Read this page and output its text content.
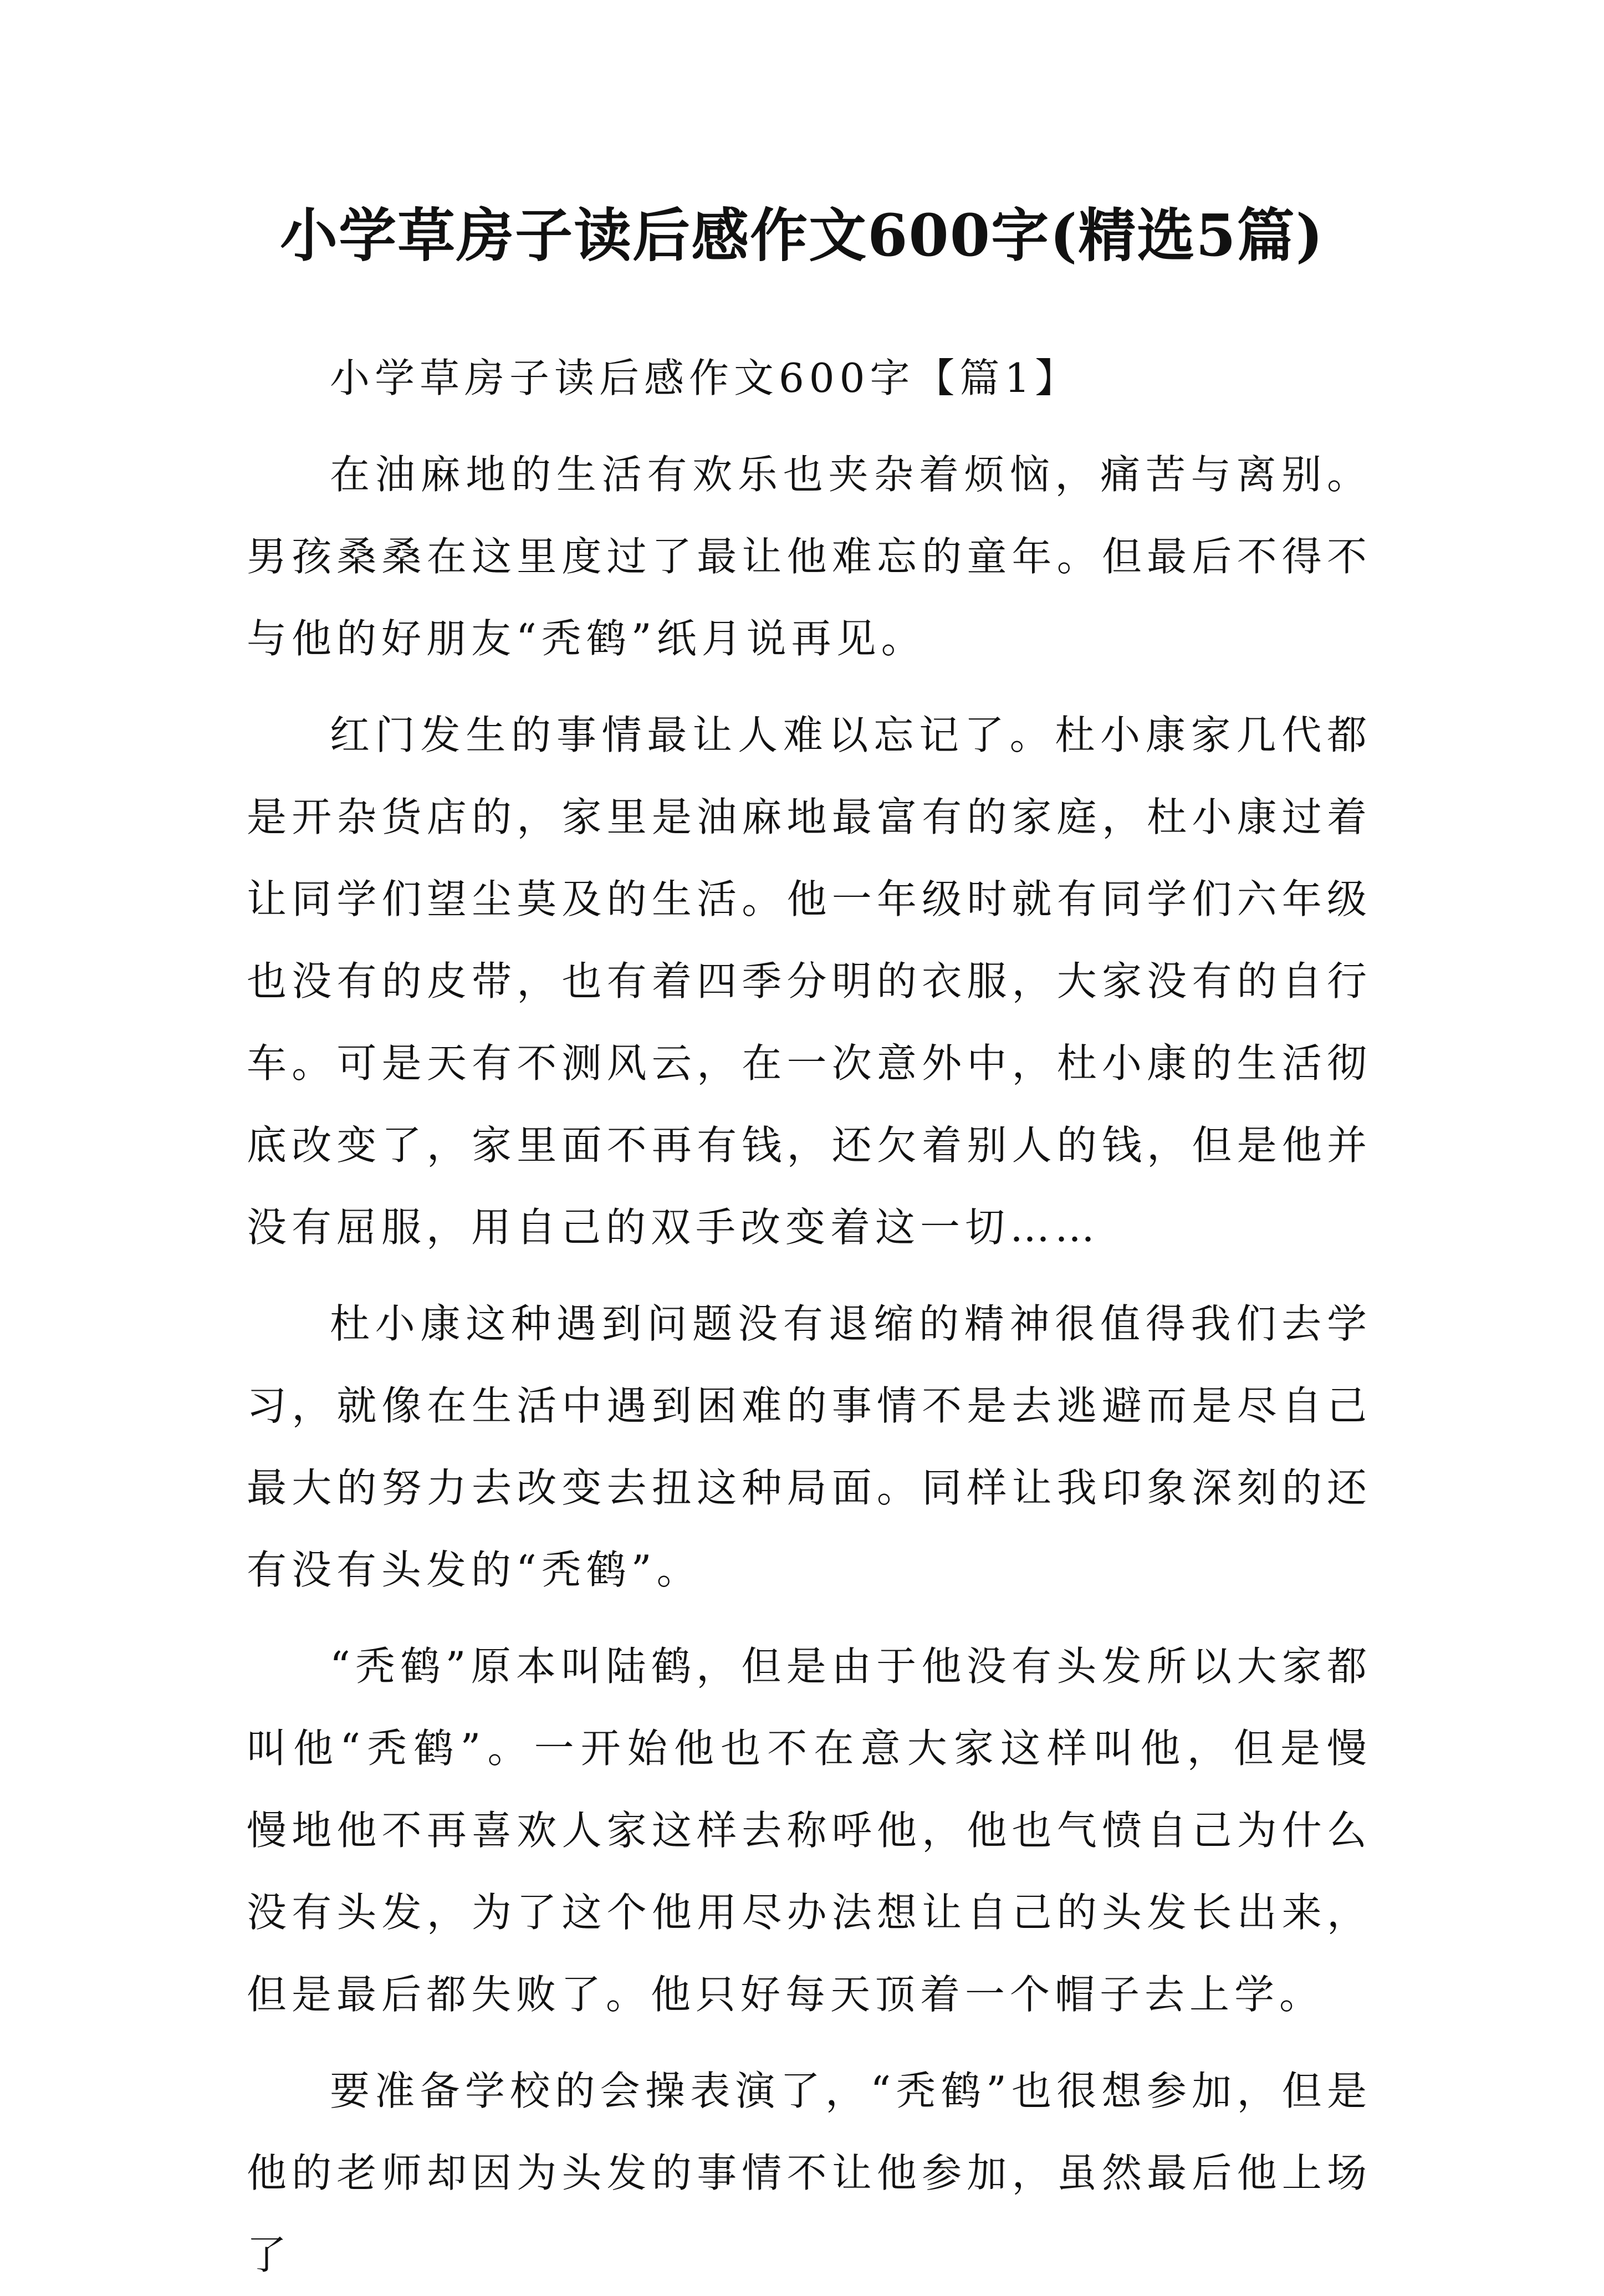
小学草房子读后感作文600字(精选5篇)

小学草房子读后感作文600字【篇1】

在油麻地的生活有欢乐也夹杂着烦恼，痛苦与离别。男孩桑桑在这里度过了最让他难忘的童年。但最后不得不与他的好朋友“秃鹤”纸月说再见。

红门发生的事情最让人难以忘记了。杜小康家几代都是开杂货店的，家里是油麻地最富有的家庭，杜小康过着让同学们望尘莫及的生活。他一年级时就有同学们六年级也没有的皮带，也有着四季分明的衣服，大家没有的自行车。可是天有不测风云，在一次意外中，杜小康的生活彻底改变了，家里面不再有钱，还欠着别人的钱，但是他并没有屈服，用自己的双手改变着这一切……

杜小康这种遇到问题没有退缩的精神很值得我们去学习，就像在生活中遇到困难的事情不是去逃避而是尽自己最大的努力去改变去扭这种局面。同样让我印象深刻的还有没有头发的“秃鹤”。

“秃鹤”原本叫陆鹤，但是由于他没有头发所以大家都叫他“秃鹤”。一开始他也不在意大家这样叫他，但是慢慢地他不再喜欢人家这样去称呼他，他也气愤自己为什么没有头发，为了这个他用尽办法想让自己的头发长出来，但是最后都失败了。他只好每天顶着一个帽子去上学。

要准备学校的会操表演了，“秃鹤”也很想参加，但是他的老师却因为头发的事情不让他参加，虽然最后他上场了
